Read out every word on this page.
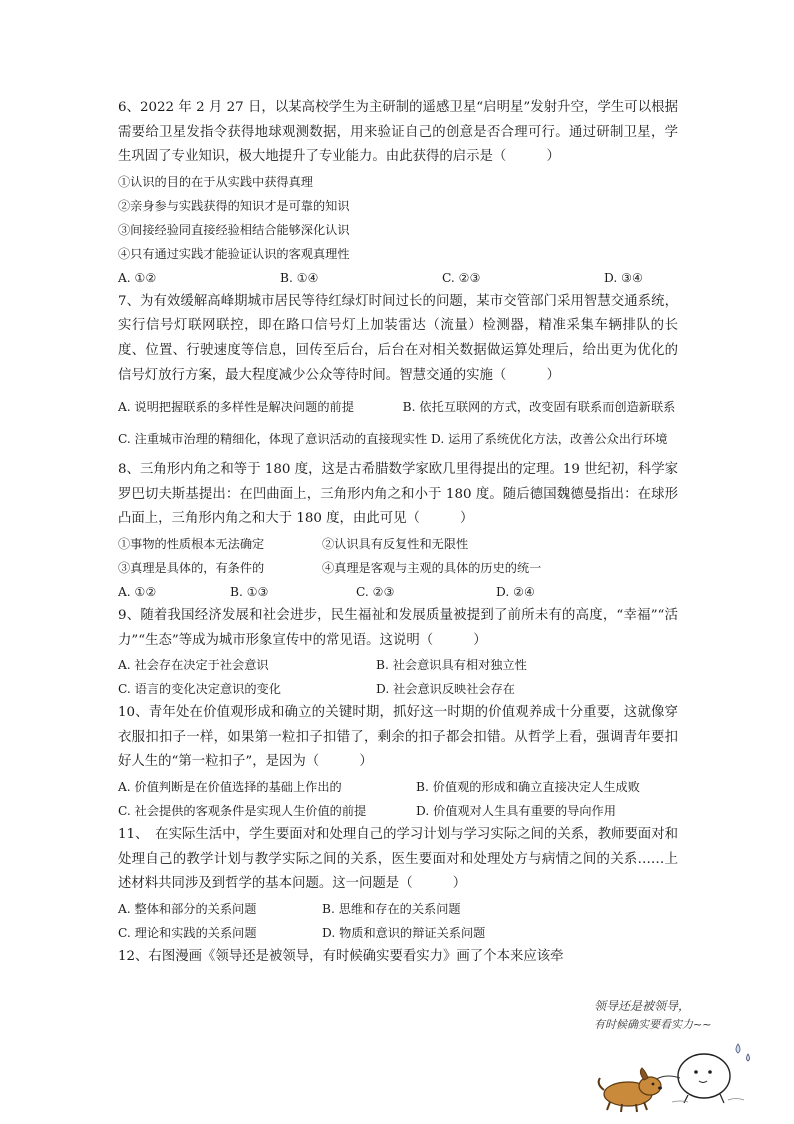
6、2022 年 2 月 27 日，以某高校学生为主研制的遥感卫星“启明星”发射升空，学生可以根据需要给卫星发指令获得地球观测数据，用来验证自己的创意是否合理可行。通过研制卫星，学生巩固了专业知识，极大地提升了专业能力。由此获得的启示是（　　　）

①认识的目的在于从实践中获得真理

②亲身参与实践获得的知识才是可靠的知识

③间接经验同直接经验相结合能够深化认识

④只有通过实践才能验证认识的客观真理性

A. ①②	B. ①④	C. ②③	D. ③④

7、为有效缓解高峰期城市居民等待红绿灯时间过长的问题，某市交管部门采用智慧交通系统，实行信号灯联网联控，即在路口信号灯上加装雷达（流量）检测器，精准采集车辆排队的长度、位置、行驶速度等信息，回传至后台，后台在对相关数据做运算处理后，给出更为优化的信号灯放行方案，最大程度减少公众等待时间。智慧交通的实施（　　　）

A. 说明把握联系的多样性是解决问题的前提　　　　B. 依托互联网的方式，改变固有联系而创造新联系

C. 注重城市治理的精细化，体现了意识活动的直接现实性 D. 运用了系统优化方法，改善公众出行环境

8、三角形内角之和等于 180 度，这是古希腊数学家欧几里得提出的定理。19 世纪初，科学家罗巴切夫斯基提出：在凹曲面上，三角形内角之和小于 180 度。随后德国魏德曼指出：在球形凸面上，三角形内角之和大于 180 度，由此可见（　　　）

①事物的性质根本无法确定	②认识具有反复性和无限性
③真理是具体的，有条件的	④真理是客观与主观的具体的历史的统一
A. ①②	B. ①③	C. ②③	D. ②④

9、随着我国经济发展和社会进步，民生福祉和发展质量被提到了前所未有的高度，“幸福”“活力”“生态”等成为城市形象宣传中的常见语。这说明（　　　）

A. 社会存在决定于社会意识	B. 社会意识具有相对独立性
C. 语言的变化决定意识的变化	D. 社会意识反映社会存在

10、青年处在价值观形成和确立的关键时期，抓好这一时期的价值观养成十分重要，这就像穿衣服扣扣子一样，如果第一粒扣子扣错了，剩余的扣子都会扣错。从哲学上看，强调青年要扣好人生的“第一粒扣子”，是因为（　　　）

A. 价值判断是在价值选择的基础上作出的	B. 价值观的形成和确立直接决定人生成败
C. 社会提供的客观条件是实现人生价值的前提	D. 价值观对人生具有重要的导向作用

11、　在实际生活中，学生要面对和处理自己的学习计划与学习实际之间的关系，教师要面对和处理自己的教学计划与教学实际之间的关系，医生要面对和处理处方与病情之间的关系……上述材料共同涉及到哲学的基本问题。这一问题是（　　　）

A. 整体和部分的关系问题	B. 思维和存在的关系问题
C. 理论和实践的关系问题	D. 物质和意识的辩证关系问题

12、右图漫画《领导还是被领导，有时候确实要看实力》画了个本来应该牵

领导还是被领导，
有时候确实要看实力~~
